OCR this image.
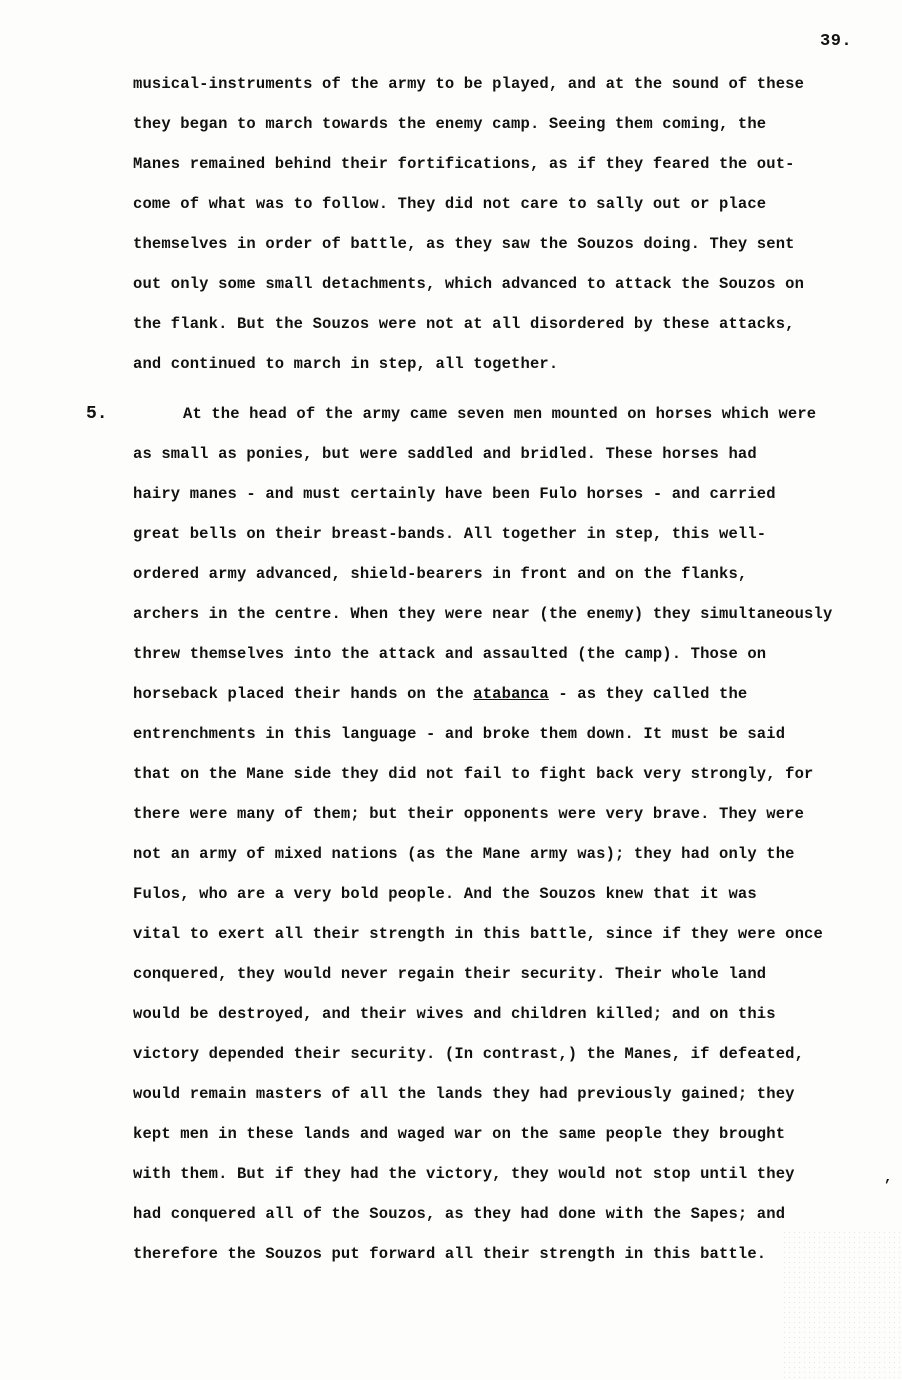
39.
musical-instruments of the army to be played, and at the sound of these
they began to march towards the enemy camp. Seeing them coming, the
Manes remained behind their fortifications, as if they feared the out-
come of what was to follow. They did not care to sally out or place
themselves in order of battle, as they saw the Souzos doing. They sent
out only some small detachments, which advanced to attack the Souzos on
the flank. But the Souzos were not at all disordered by these attacks,
and continued to march in step, all together.
5.	At the head of the army came seven men mounted on horses which were
as small as ponies, but were saddled and bridled. These horses had
hairy manes - and must certainly have been Fulo horses - and carried
great bells on their breast-bands. All together in step, this well-
ordered army advanced, shield-bearers in front and on the flanks,
archers in the centre. When they were near (the enemy) they simultaneously
threw themselves into the attack and assaulted (the camp). Those on
horseback placed their hands on the atabanca - as they called the
entrenchments in this language - and broke them down. It must be said
that on the Mane side they did not fail to fight back very strongly, for
there were many of them; but their opponents were very brave. They were
not an army of mixed nations (as the Mane army was); they had only the
Fulos, who are a very bold people. And the Souzos knew that it was
vital to exert all their strength in this battle, since if they were once
conquered, they would never regain their security. Their whole land
would be destroyed, and their wives and children killed; and on this
victory depended their security. (In contrast,) the Manes, if defeated,
would remain masters of all the lands they had previously gained; they
kept men in these lands and waged war on the same people they brought
with them. But if they had the victory, they would not stop until they
had conquered all of the Souzos, as they had done with the Sapes; and
therefore the Souzos put forward all their strength in this battle.
,
